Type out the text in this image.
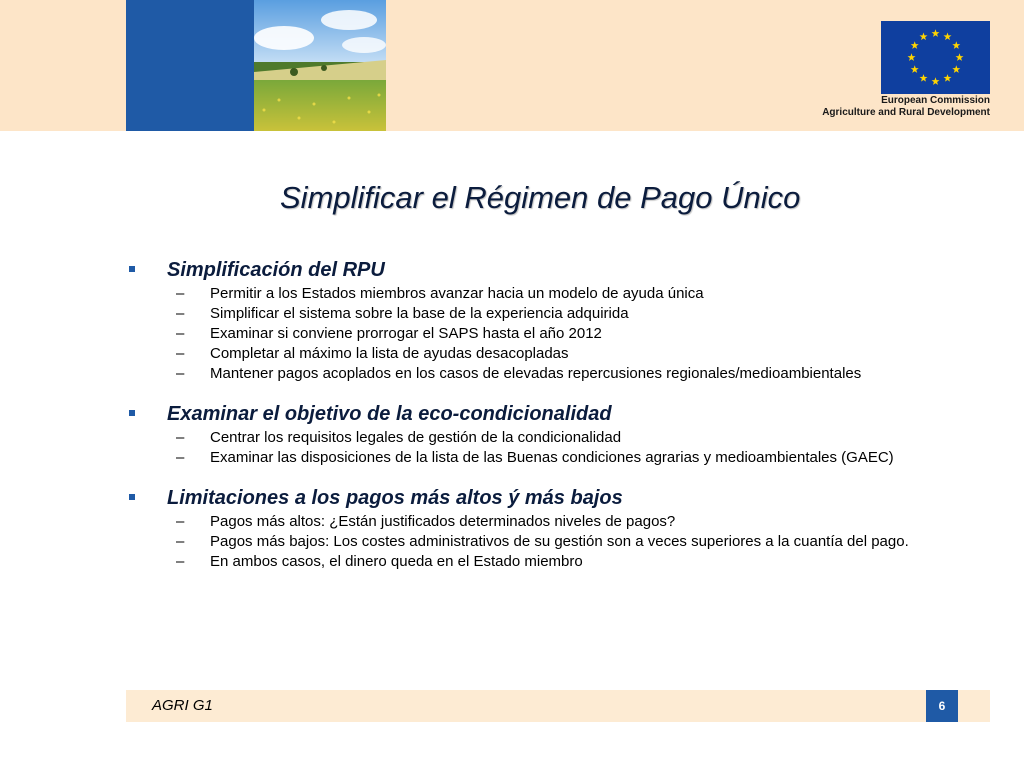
European Commission
Agriculture and Rural Development
Simplificar el Régimen de Pago Único
Simplificación del RPU
– Permitir a los Estados miembros avanzar hacia un modelo de ayuda única
– Simplificar el sistema sobre la base de la experiencia adquirida
– Examinar si conviene prorrogar el SAPS hasta el año 2012
– Completar al máximo la lista de ayudas desacopladas
– Mantener pagos acoplados en los casos de elevadas repercusiones regionales/medioambientales
Examinar el objetivo de la eco-condicionalidad
– Centrar los requisitos legales de gestión de la condicionalidad
– Examinar las disposiciones de la lista de las Buenas condiciones agrarias y medioambientales (GAEC)
Limitaciones a los pagos más altos ý más bajos
– Pagos más altos: ¿Están justificados determinados niveles de pagos?
– Pagos más bajos: Los costes administrativos de su gestión son a veces superiores a la cuantía del pago.
– En ambos casos, el dinero queda en el Estado miembro
AGRI G1	6
